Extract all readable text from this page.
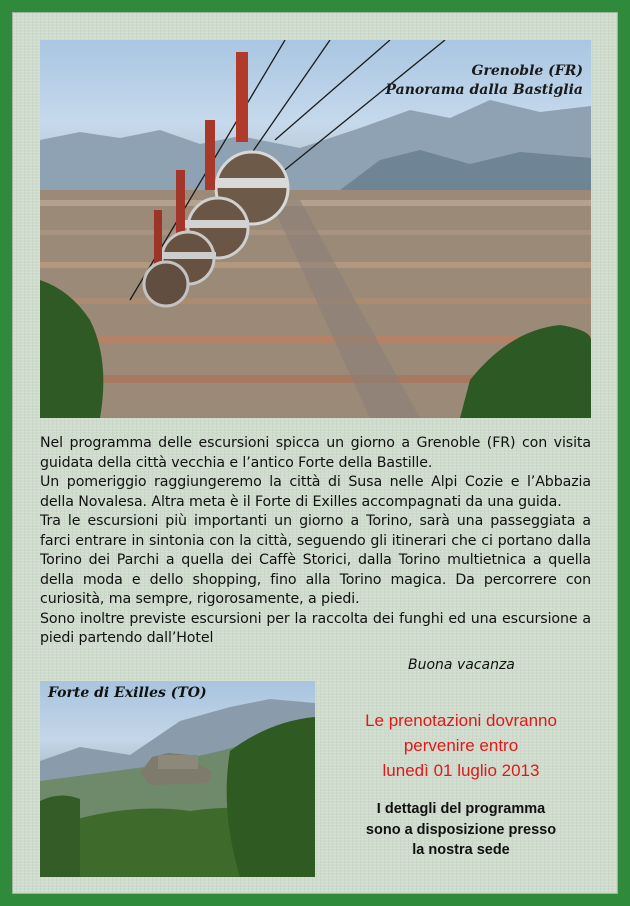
Grenoble (FR)
Panorama dalla Bastiglia

Nel programma delle escursioni spicca un giorno a Grenoble (FR) con visita guidata della città vecchia e l’antico Forte della Bastille.

Un pomeriggio raggiungeremo la città di Susa nelle Alpi Cozie e l’Abbazia della Novalesa. Altra meta è il Forte di Exilles accompagnati da una guida.

Tra le escursioni più importanti un giorno a Torino, sarà una passeggiata a farci entrare in sintonia con la città, seguendo gli itinerari che ci portano dalla Torino dei Parchi a quella dei Caffè Storici, dalla Torino multietnica a quella della moda e dello shopping, fino alla Torino magica. Da percorrere con curiosità, ma sempre, rigorosamente, a piedi.

Sono inoltre previste escursioni per la raccolta dei funghi ed una escursione a piedi partendo dall’Hotel

Buona vacanza
Forte di Exilles (TO)
Le prenotazioni dovranno
pervenire entro
lunedì 01 luglio 2013
I dettagli del programma
sono a disposizione presso
la nostra sede
